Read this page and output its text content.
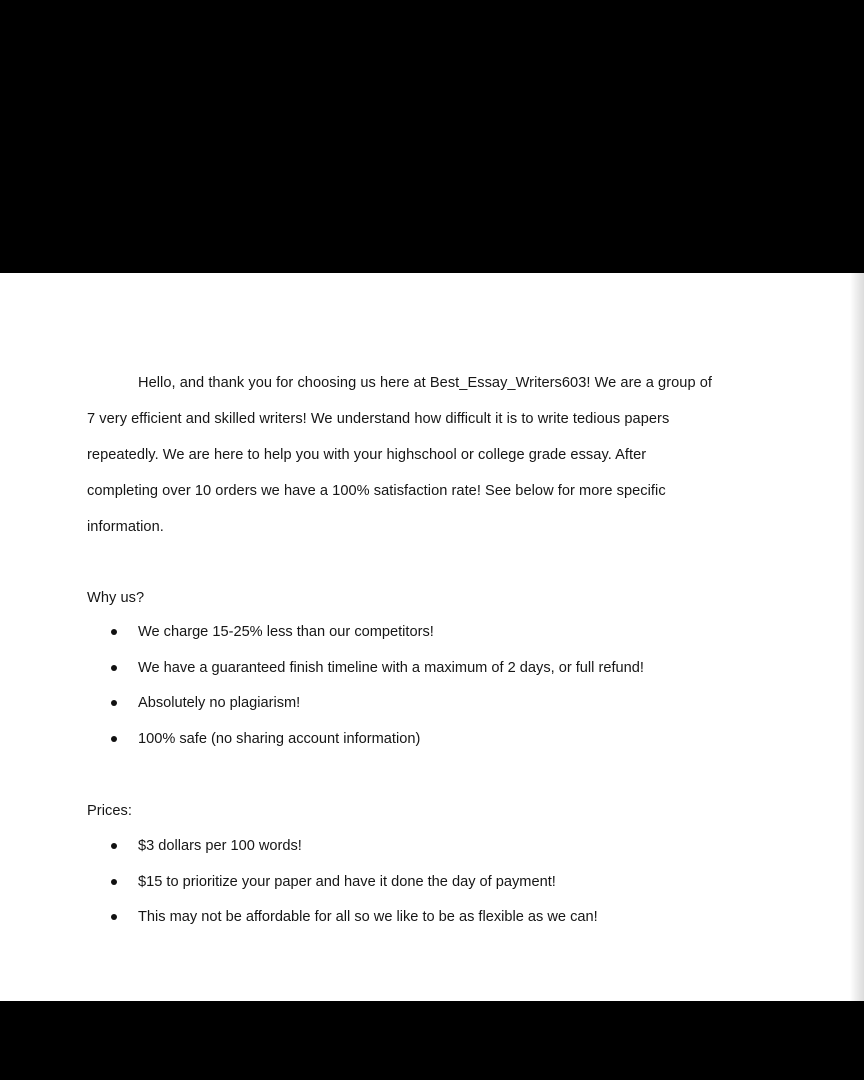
Hello, and thank you for choosing us here at Best_Essay_Writers603! We are a group of
7 very efficient and skilled writers! We understand how difficult it is to write tedious papers
repeatedly. We are here to help you with your highschool or college grade essay. After
completing over 10 orders we have a 100% satisfaction rate! See below for more specific
information.
Why us?
We charge 15-25% less than our competitors!
We have a guaranteed finish timeline with a maximum of 2 days, or full refund!
Absolutely no plagiarism!
100% safe (no sharing account information)
Prices:
$3 dollars per 100 words!
$15 to prioritize your paper and have it done the day of payment!
This may not be affordable for all so we like to be as flexible as we can!
